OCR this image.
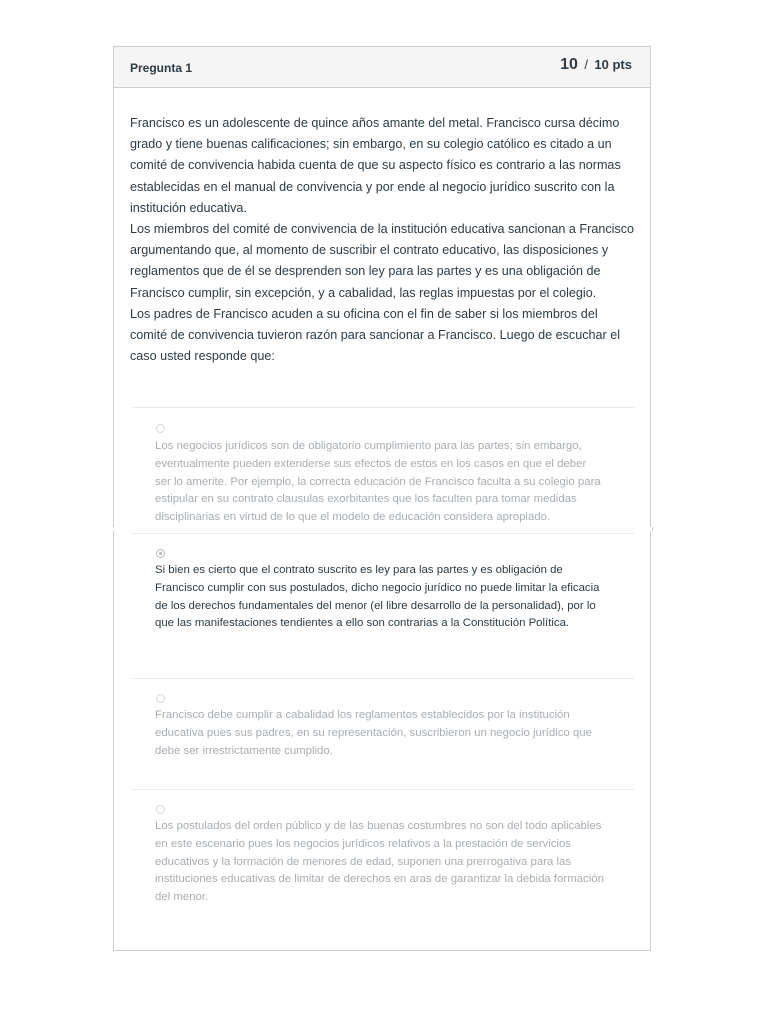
Pregunta 1	10 / 10 pts

Francisco es un adolescente de quince años amante del metal. Francisco cursa décimo grado y tiene buenas calificaciones; sin embargo, en su colegio católico es citado a un comité de convivencia habida cuenta de que su aspecto físico es contrario a las normas establecidas en el manual de convivencia y por ende al negocio jurídico suscrito con la institución educativa.

Los miembros del comité de convivencia de la institución educativa sancionan a Francisco argumentando que, al momento de suscribir el contrato educativo, las disposiciones y reglamentos que de él se desprenden son ley para las partes y es una obligación de Francisco cumplir, sin excepción, y a cabalidad, las reglas impuestas por el colegio.

Los padres de Francisco acuden a su oficina con el fin de saber si los miembros del comité de convivencia tuvieron razón para sancionar a Francisco. Luego de escuchar el caso usted responde que:

Los negocios jurídicos son de obligatorio cumplimiento para las partes; sin embargo, eventualmente pueden extenderse sus efectos de estos en los casos en que el deber ser lo amerite. Por ejemplo, la correcta educación de Francisco faculta a su colegio para estipular en su contrato clausulas exorbitantes que los faculten para tomar medidas disciplinarias en virtud de lo que el modelo de educación considera apropiado.
Si bien es cierto que el contrato suscrito es ley para las partes y es obligación de Francisco cumplir con sus postulados, dicho negocio jurídico no puede limitar la eficacia de los derechos fundamentales del menor (el libre desarrollo de la personalidad), por lo que las manifestaciones tendientes a ello son contrarias a la Constitución Política.
Francisco debe cumplir a cabalidad los reglamentos establecidos por la institución educativa pues sus padres, en su representación, suscribieron un negocio jurídico que debe ser irrestrictamente cumplido.
Los postulados del orden público y de las buenas costumbres no son del todo aplicables en este escenario pues los negocios jurídicos relativos a la prestación de servicios educativos y la formación de menores de edad, suponen una prerrogativa para las instituciones educativas de limitar de derechos en aras de garantizar la debida formación del menor.
